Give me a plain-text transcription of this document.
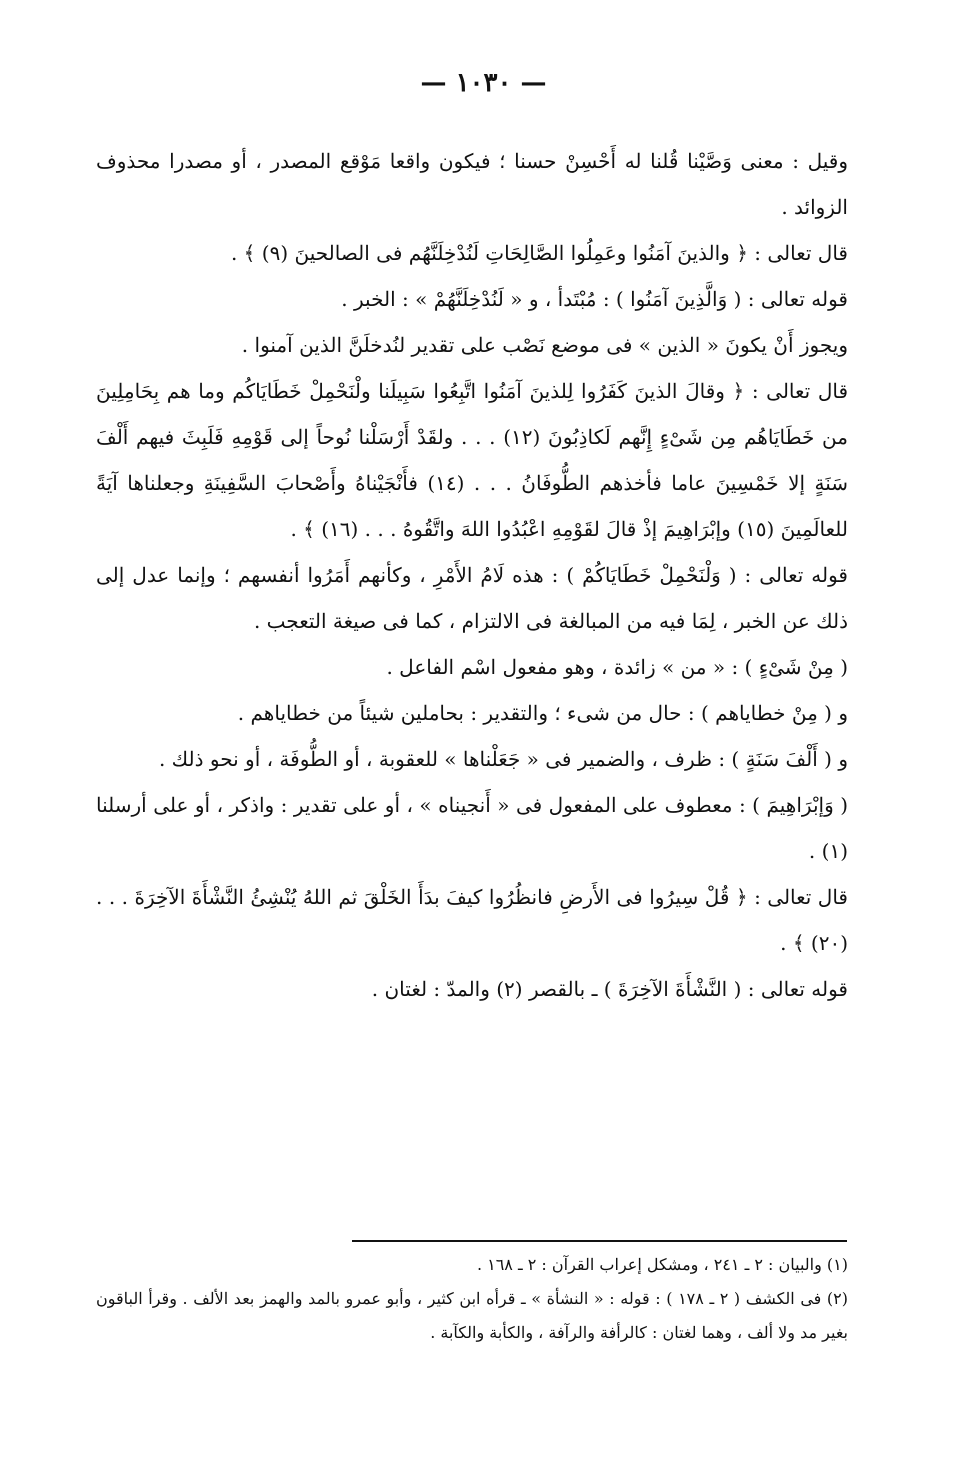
— ١٠٣٠ —

وقيل : معنى وَصَّيْنا قُلنا له أَحْسِنْ حسنا ؛ فيكون واقعا مَوْقع المصدر ، أو مصدرا محذوف الزوائد .

قال تعالى : ﴿ والذينَ آمَنُوا وعَمِلُوا الصَّالِحَاتِ لَنُدْخِلَنَّهُم فى الصالحينَ (٩) ﴾ .

قوله تعالى : ( وَالَّذِينَ آمَنُوا ) : مُبْتَدأ ، و « لَنُدْخِلَنَّهُمْ » : الخبر .

ويجوز أَنْ يكونَ « الذين » فى موضع نَصْب على تقدير لنُدخلَنَّ الذين آمنوا .

قال تعالى : ﴿ وقالَ الذينَ كَفَرُوا لِلذينَ آمَنُوا اتَّبِعُوا سَبِيلَنا ولْنَحْمِلْ خَطَايَاكُم وما هم بِحَامِلِينَ من خَطَايَاهُم مِن شَىْءٍ إِنَّهم لَكاذِبُونَ (١٢) . . . ولقَدْ أَرْسَلْنا نُوحاً إلى قَوْمِهِ فَلَبِثَ فيهم أَلْفَ سَنَةٍ إلا خَمْسِينَ عاما فأخذهم الطُّوفَانُ . . . (١٤) فأَنْجَيْناهُ وأَصْحابَ السَّفِينَةِ وجعلناها آيَةً للعالَمِينَ (١٥) وإبْرَاهِيمَ إذْ قالَ لقَوْمِهِ اعْبُدُوا اللهَ واتَّقُوهُ . . . (١٦) ﴾ .

قوله تعالى : ( وَلْنَحْمِلْ خَطَايَاكُمْ ) : هذه لَامُ الأَمْرِ ، وكأنهم أَمَرُوا أنفسهم ؛ وإنما عدل إلى ذلك عن الخبر ، لِمَا فيه من المبالغة فى الالتزام ، كما فى صيغة التعجب .

( مِنْ شَىْءٍ ) : « من » زائدة ، وهو مفعول اسْم الفاعل .

و ( مِنْ خطاياهم ) : حال من شىء ؛ والتقدير : بحاملين شيئاً من خطاياهم .

و ( أَلْفَ سَنَةٍ ) : ظرف ، والضمير فى « جَعَلْناها » للعقوبة ، أو الطُّوفَة ، أو نحو ذلك .

( وَإبْرَاهِيمَ ) : معطوف على المفعول فى « أَنجيناه » ، أو على تقدير : واذكر ، أو على أرسلنا (١) .

قال تعالى : ﴿ قُلْ سِيرُوا فى الأَرضِ فانظُرُوا كيفَ بدَأَ الخَلْقَ ثم اللهُ يُنْشِئُ النَّشْأَةَ الآخِرَةَ . . . (٢٠) ﴾ .

قوله تعالى : ( النَّشْأَةَ الآخِرَةَ ) ـ بالقصر (٢) والمدّ : لغتان .

(١) والبيان : ٢ ـ ٢٤١ ، ومشكل إعراب القرآن : ٢ ـ ١٦٨ .

(٢) فى الكشف ( ٢ ـ ١٧٨ ) : قوله : « النشأة » ـ قرأه ابن كثير ، وأبو عمرو بالمد والهمز بعد الألف . وقرأ الباقون بغير مد ولا ألف ، وهما لغتان : كالرأفة والرآفة ، والكأبة والكآبة .
